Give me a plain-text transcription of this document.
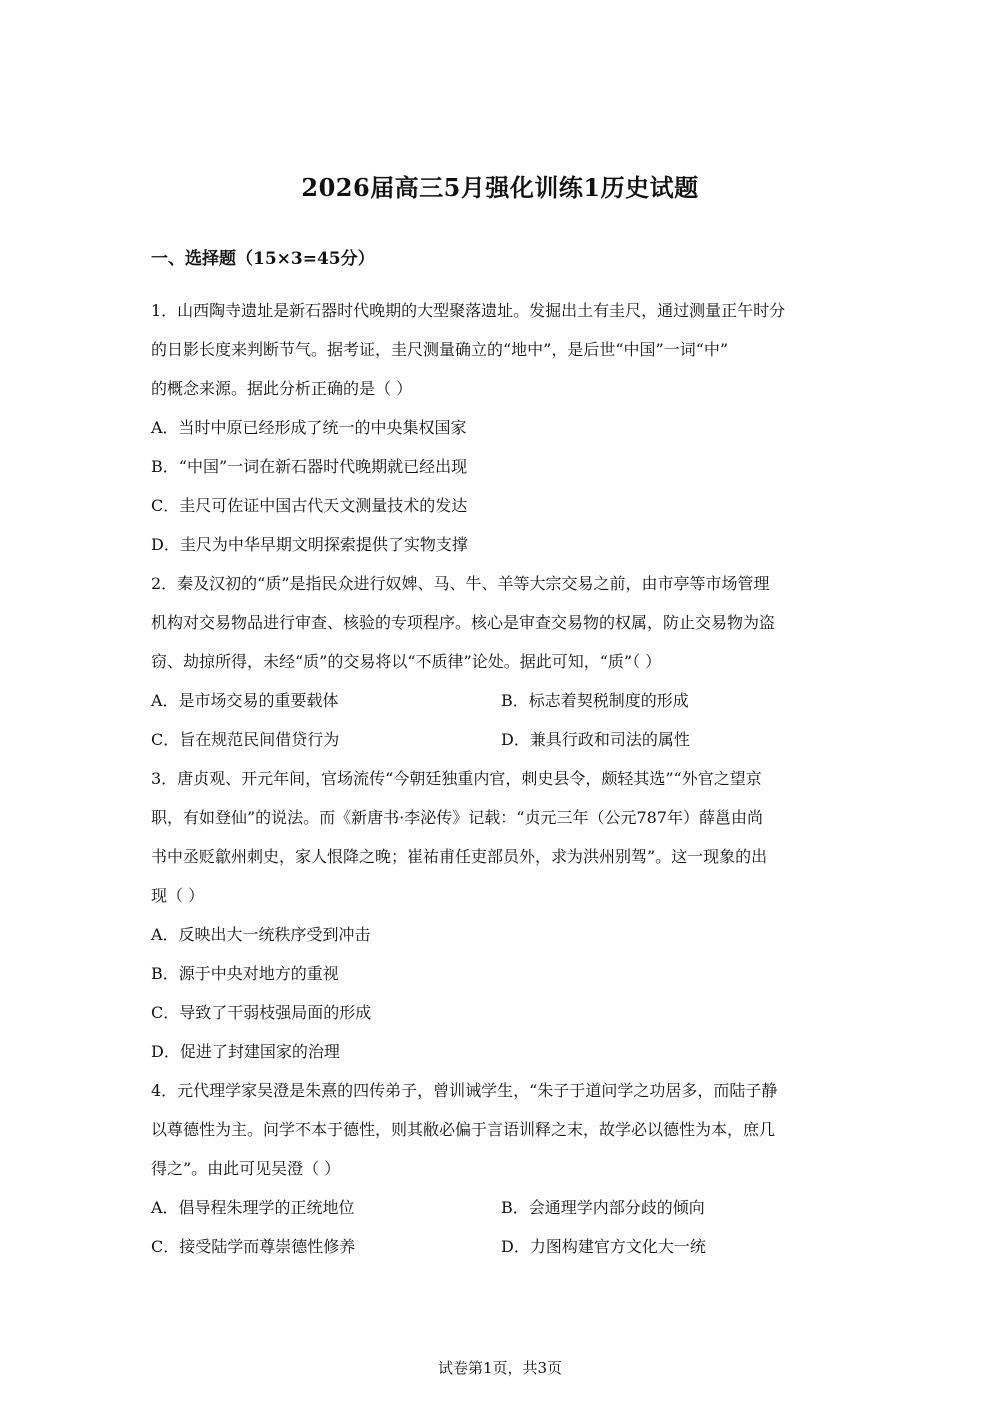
2026届高三5月强化训练1历史试题
一、选择题（15×3=45分）
1．山西陶寺遗址是新石器时代晚期的大型聚落遗址。发掘出土有圭尺，通过测量正午时分
的日影长度来判断节气。据考证，圭尺测量确立的“地中”，是后世“中国”一词“中”
的概念来源。据此分析正确的是（ ）
A．当时中原已经形成了统一的中央集权国家
B．“中国”一词在新石器时代晚期就已经出现
C．圭尺可佐证中国古代天文测量技术的发达
D．圭尺为中华早期文明探索提供了实物支撑
2．秦及汉初的“质”是指民众进行奴婢、马、牛、羊等大宗交易之前，由市亭等市场管理
机构对交易物品进行审查、核验的专项程序。核心是审查交易物的权属，防止交易物为盗
窃、劫掠所得，未经“质”的交易将以“不质律”论处。据此可知，“质”（ ）
A．是市场交易的重要载体	B．标志着契税制度的形成
C．旨在规范民间借贷行为	D．兼具行政和司法的属性
3．唐贞观、开元年间，官场流传“今朝廷独重内官，刺史县令，颇轻其选”“外官之望京
职，有如登仙”的说法。而《新唐书·李泌传》记载：“贞元三年（公元787年）薛邕由尚
书中丞贬歙州刺史，家人恨降之晚；崔祐甫任吏部员外，求为洪州别驾”。这一现象的出
现（ ）
A．反映出大一统秩序受到冲击
B．源于中央对地方的重视
C．导致了干弱枝强局面的形成
D．促进了封建国家的治理
4．元代理学家吴澄是朱熹的四传弟子，曾训诫学生，“朱子于道问学之功居多，而陆子静
以尊德性为主。问学不本于德性，则其敝必偏于言语训释之末，故学必以德性为本，庶几
得之”。由此可见吴澄（ ）
A．倡导程朱理学的正统地位	B．会通理学内部分歧的倾向
C．接受陆学而尊崇德性修养	D．力图构建官方文化大一统
试卷第1页，共3页
